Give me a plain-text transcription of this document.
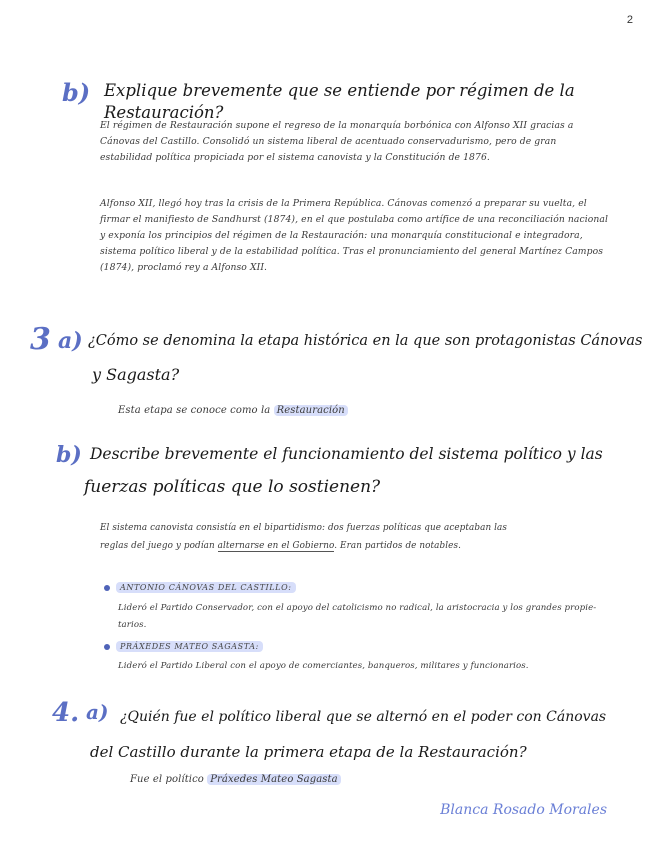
2
b) Explique brevemente que se entiende por régimen de la Restauración?
El régimen de Restauración supone el regreso de la monarquía borbónica con Alfonso XII gracias a Cánovas del Castillo. Consolidó un sistema liberal de acentuado conservadurismo, pero de gran estabilidad política propiciada por el sistema canovista y la Constitución de 1876.
Alfonso XII, llegó hoy tras la crisis de la Primera República. Cánovas comenzó a preparar su vuelta, el firmar el manifiesto de Sandhurst (1874), en el que postulaba como artífice de una reconciliación nacional y exponía los principios del régimen de la Restauración: una monarquía constitucional e integradora, sistema político liberal y de la estabilidad política. Tras el pronunciamiento del general Martínez Campos (1874), proclamó rey a Alfonso XII.
3 a) ¿Cómo se denomina la etapa histórica en la que son protagonistas Cánovas
y Sagasta?
Esta etapa se conoce como la Restauración
b) Describe brevemente el funcionamiento del sistema político y las
fuerzas políticas que lo sostienen?
El sistema canovista consistía en el bipartidismo: dos fuerzas políticas que aceptaban las
reglas del juego y podían alternarse en el Gobierno. Eran partidos de notables.
ANTONIO CÁNOVAS DEL CASTILLO:
Lideró el Partido Conservador, con el apoyo del catolicismo no radical, la aristocracia y los grandes propie-
tarios.
PRÁXEDES MATEO SAGASTA:
Lideró el Partido Liberal con el apoyo de comerciantes, banqueros, militares y funcionarios.
4. a) ¿Quién fue el político liberal que se alternó en el poder con Cánovas
del Castillo durante la primera etapa de la Restauración?
Fue el político Práxedes Mateo Sagasta
Blanca Rosado Morales
